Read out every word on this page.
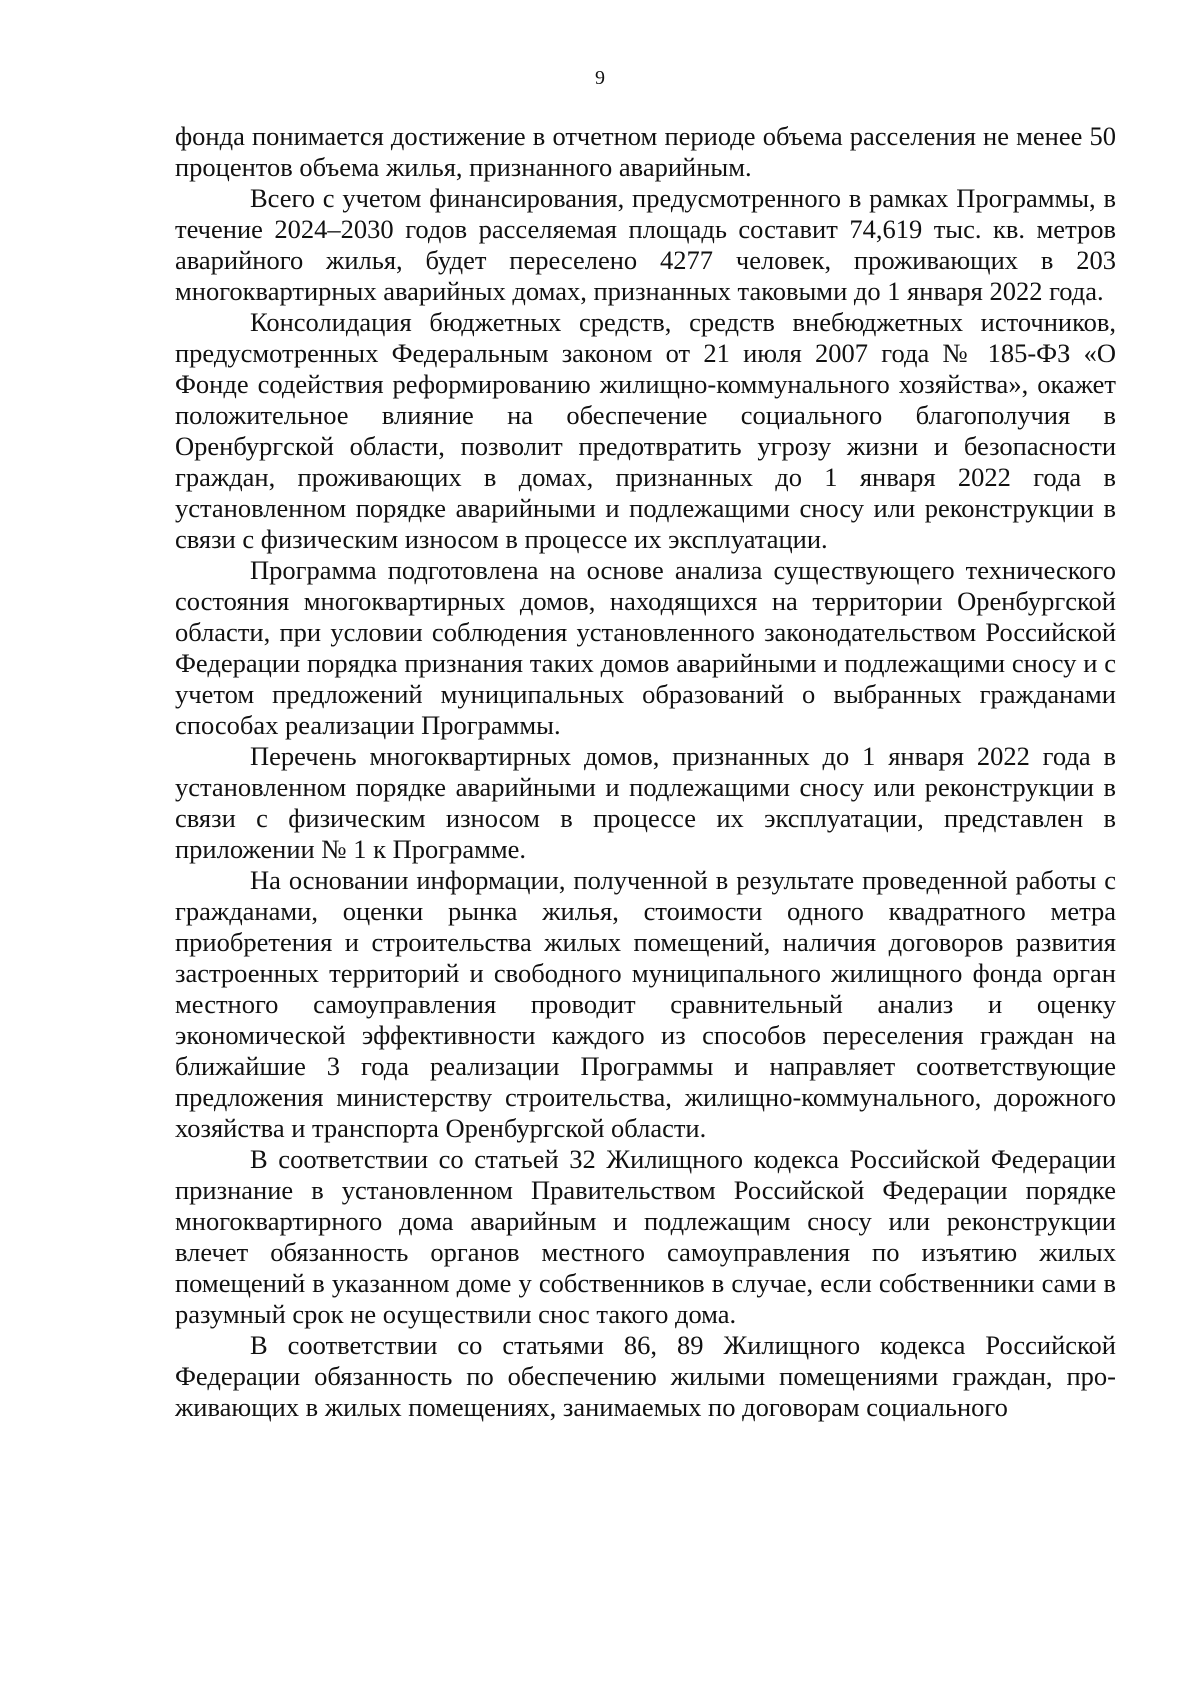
9

фонда понимается достижение в отчетном периоде объема расселения не менее 50 процентов объема жилья, признанного аварийным.

Всего с учетом финансирования, предусмотренного в рамках Программы, в течение 2024–2030 годов расселяемая площадь составит 74,619 тыс. кв. метров аварийного жилья, будет переселено 4277 человек, проживающих в 203 многоквартирных аварийных домах, признанных таковыми до 1 января 2022 года.

Консолидация бюджетных средств, средств внебюджетных источников, предусмотренных Федеральным законом от 21 июля 2007 года № 185-ФЗ «О Фонде содействия реформированию жилищно-коммунального хозяйства», окажет положительное влияние на обеспечение социального благополучия в Оренбургской области, позволит предотвратить угрозу жизни и безопасности граждан, проживающих в домах, признанных до 1 января 2022 года в установленном порядке аварийными и подлежащими сносу или реконструкции в связи с физическим износом в процессе их эксплуатации.

Программа подготовлена на основе анализа существующего технического состояния многоквартирных домов, находящихся на территории Оренбургской области, при условии соблюдения установленного законодательством Российской Федерации порядка признания таких домов аварийными и подлежащими сносу и с учетом предложений муниципальных образований о выбранных гражданами способах реализации Программы.

Перечень многоквартирных домов, признанных до 1 января 2022 года в установленном порядке аварийными и подлежащими сносу или реконструкции в связи с физическим износом в процессе их эксплуатации, представлен в приложении № 1 к Программе.

На основании информации, полученной в результате проведенной работы с гражданами, оценки рынка жилья, стоимости одного квадратного метра приобретения и строительства жилых помещений, наличия договоров развития застроенных территорий и свободного муниципального жилищного фонда орган местного самоуправления проводит сравнительный анализ и оценку экономической эффективности каждого из способов переселения граждан на ближайшие 3 года реализации Программы и направляет соответствующие предложения министерству строительства, жилищно-коммунального, дорожного хозяйства и транспорта Оренбургской области.

В соответствии со статьей 32 Жилищного кодекса Российской Федерации признание в установленном Правительством Российской Федерации порядке многоквартирного дома аварийным и подлежащим сносу или реконструкции влечет обязанность органов местного самоуправления по изъятию жилых помещений в указанном доме у собственников в случае, если собственники сами в разумный срок не осуществили снос такого дома.

В соответствии со статьями 86, 89 Жилищного кодекса Российской Федерации обязанность по обеспечению жилыми помещениями граждан, проживающих в жилых помещениях, занимаемых по договорам социального
